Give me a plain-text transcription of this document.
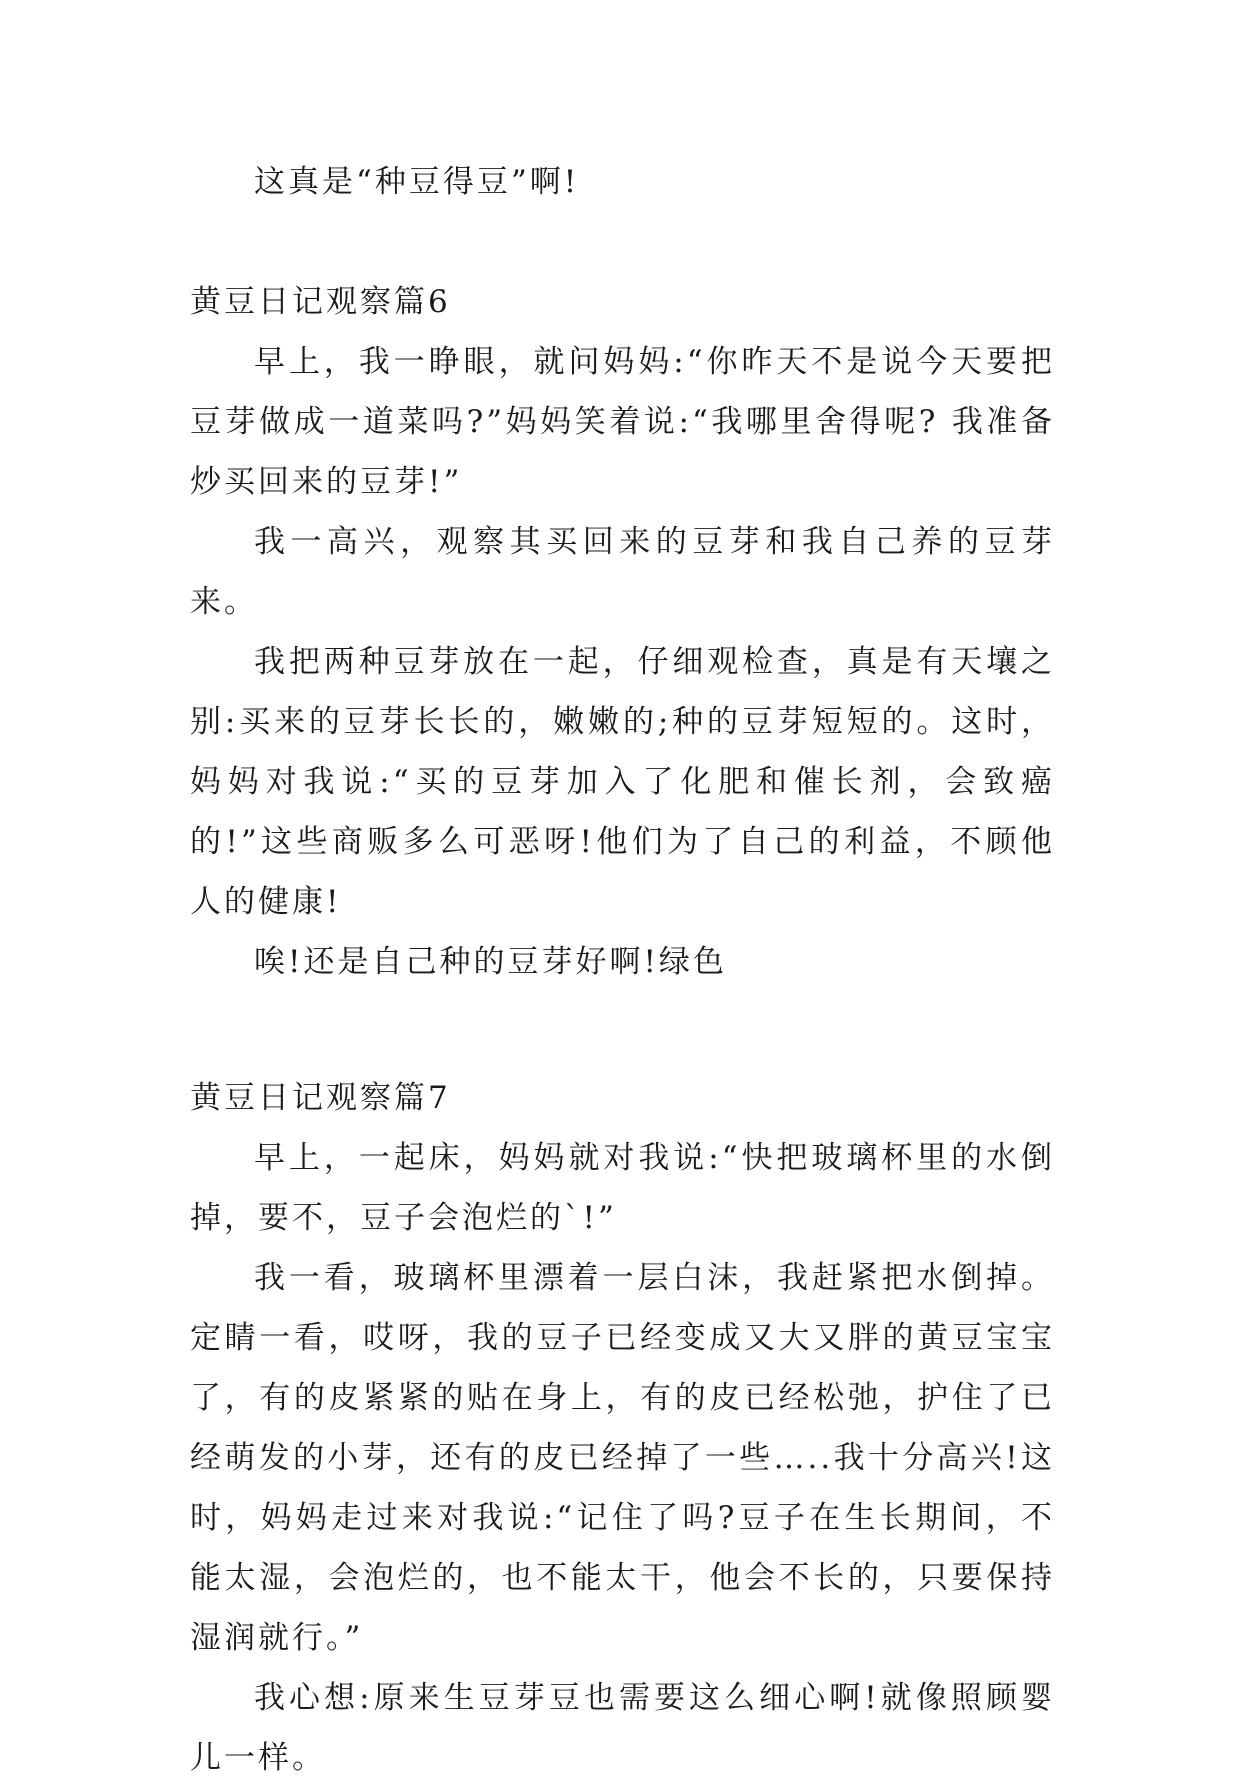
这真是“种豆得豆”啊!

黄豆日记观察篇6

早上，我一睁眼，就问妈妈:“你昨天不是说今天要把豆芽做成一道菜吗?”妈妈笑着说:“我哪里舍得呢? 我准备炒买回来的豆芽!”

我一高兴，观察其买回来的豆芽和我自己养的豆芽来。

我把两种豆芽放在一起，仔细观检查，真是有天壤之别:买来的豆芽长长的，嫩嫩的;种的豆芽短短的。这时，妈妈对我说:“买的豆芽加入了化肥和催长剂，会致癌的!”这些商贩多么可恶呀!他们为了自己的利益，不顾他人的健康!

唉!还是自己种的豆芽好啊!绿色

黄豆日记观察篇7

早上，一起床，妈妈就对我说:“快把玻璃杯里的水倒掉，要不，豆子会泡烂的`!”

我一看，玻璃杯里漂着一层白沫，我赶紧把水倒掉。定睛一看，哎呀，我的豆子已经变成又大又胖的黄豆宝宝了，有的皮紧紧的贴在身上，有的皮已经松弛，护住了已经萌发的小芽，还有的皮已经掉了一些…..我十分高兴!这时，妈妈走过来对我说:“记住了吗?豆子在生长期间，不能太湿，会泡烂的，也不能太干，他会不长的，只要保持湿润就行。”

我心想:原来生豆芽豆也需要这么细心啊!就像照顾婴儿一样。
